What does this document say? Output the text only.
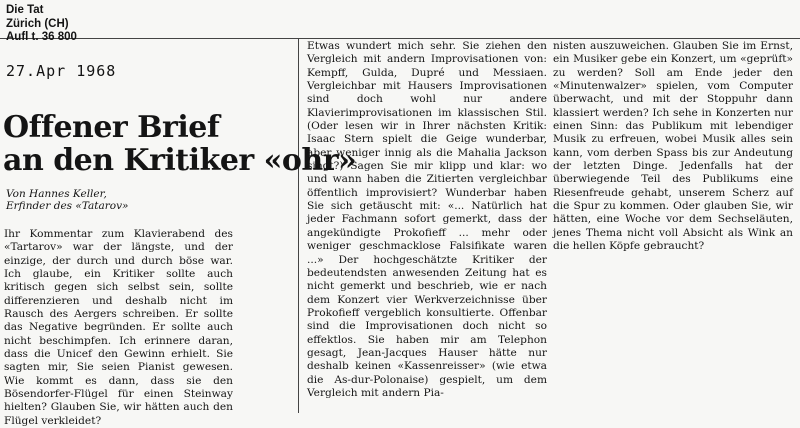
Die Tat
Zürich (CH)
Aufl t. 36 800
27.Apr 1968
Offener Brief
an den Kritiker «ohr»
Von Hannes Keller,
Erfinder des «Tatarov»

Ihr Kommentar zum Klavierabend des «Tartarov» war der längste, und der einzige, der durch und durch böse war. Ich glaube, ein Kritiker sollte auch kritisch gegen sich selbst sein, sollte differenzieren und deshalb nicht im Rausch des Aergers schreiben. Er sollte das Negative begründen. Er sollte auch nicht beschimpfen. Ich erinnere daran, dass die Unicef den Gewinn erhielt. Sie sagten mir, Sie seien Pianist gewesen. Wie kommt es dann, dass sie den Bösendorfer-Flügel für einen Steinway hielten? Glauben Sie, wir hätten auch den Flügel verkleidet?

Etwas wundert mich sehr. Sie ziehen den Vergleich mit andern Improvisationen von: Kempff, Gulda, Dupré und Messiaen. Vergleichbar mit Hausers Improvisationen sind doch wohl nur andere Klavierimprovisationen im klassischen Stil. (Oder lesen wir in Ihrer nächsten Kritik: Isaac Stern spielt die Geige wunderbar, aber weniger innig als die Mahalia Jackson singt?) Sagen Sie mir klipp und klar: wo und wann haben die Zitierten vergleichbar öffentlich improvisiert? Wunderbar haben Sie sich getäuscht mit: «... Natürlich hat jeder Fachmann sofort gemerkt, dass der angekündigte Prokofieff ... mehr oder weniger geschmacklose Falsifikate waren ...» Der hochgeschätzte Kritiker der bedeutendsten anwesenden Zeitung hat es nicht gemerkt und beschrieb, wie er nach dem Konzert vier Werkverzeichnisse über Prokofieff vergeblich konsultierte. Offenbar sind die Improvisationen doch nicht so effektlos. Sie haben mir am Telephon gesagt, Jean-Jacques Hauser hätte nur deshalb keinen «Kassenreisser» (wie etwa die As-dur-Polonaise) gespielt, um dem Vergleich mit andern Pia-

nisten auszuweichen. Glauben Sie im Ernst, ein Musiker gebe ein Konzert, um «geprüft» zu werden? Soll am Ende jeder den «Minutenwalzer» spielen, vom Computer überwacht, und mit der Stoppuhr dann klassiert werden? Ich sehe in Konzerten nur einen Sinn: das Publikum mit lebendiger Musik zu erfreuen, wobei Musik alles sein kann, vom derben Spass bis zur Andeutung der letzten Dinge. Jedenfalls hat der überwiegende Teil des Publikums eine Riesenfreude gehabt, unserem Scherz auf die Spur zu kommen. Oder glauben Sie, wir hätten, eine Woche vor dem Sechseläuten, jenes Thema nicht voll Absicht als Wink an die hellen Köpfe gebraucht?
